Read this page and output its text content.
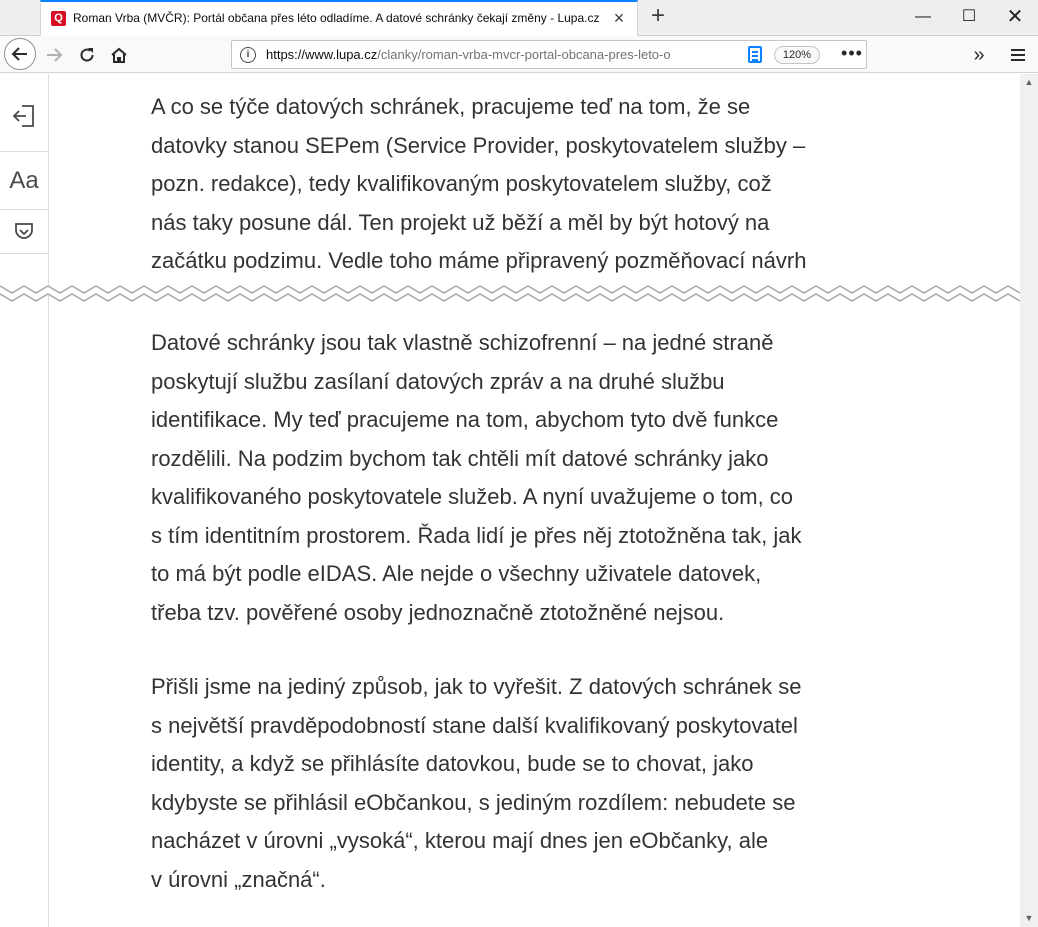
Q Roman Vrba (MVČR): Portál občana přes léto odladíme. A datové schránky čekají změny - Lupa.cz × +	—	☐	✕
i	https://www.lupa.cz/clanky/roman-vrba-mvcr-portal-obcana-pres-leto-o	120%	•••	»
Aa
A co se týče datových schránek, pracujeme teď na tom, že se
datovky stanou SEPem (Service Provider, poskytovatelem služby –
pozn. redakce), tedy kvalifikovaným poskytovatelem služby, což
nás taky posune dál. Ten projekt už běží a měl by být hotový na
začátku podzimu. Vedle toho máme připravený pozměňovací návrh
Datové schránky jsou tak vlastně schizofrenní – na jedné straně
poskytují službu zasílaní datových zpráv a na druhé službu
identifikace. My teď pracujeme na tom, abychom tyto dvě funkce
rozdělili. Na podzim bychom tak chtěli mít datové schránky jako
kvalifikovaného poskytovatele služeb. A nyní uvažujeme o tom, co
s tím identitním prostorem. Řada lidí je přes něj ztotožněna tak, jak
to má být podle eIDAS. Ale nejde o všechny uživatele datovek,
třeba tzv. pověřené osoby jednoznačně ztotožněné nejsou.
Přišli jsme na jediný způsob, jak to vyřešit. Z datových schránek se
s největší pravděpodobností stane další kvalifikovaný poskytovatel
identity, a když se přihlásíte datovkou, bude se to chovat, jako
kdybyste se přihlásil eObčankou, s jediným rozdílem: nebudete se
nacházet v úrovni „vysoká“, kterou mají dnes jen eObčanky, ale
v úrovni „značná“.
▲
▼
